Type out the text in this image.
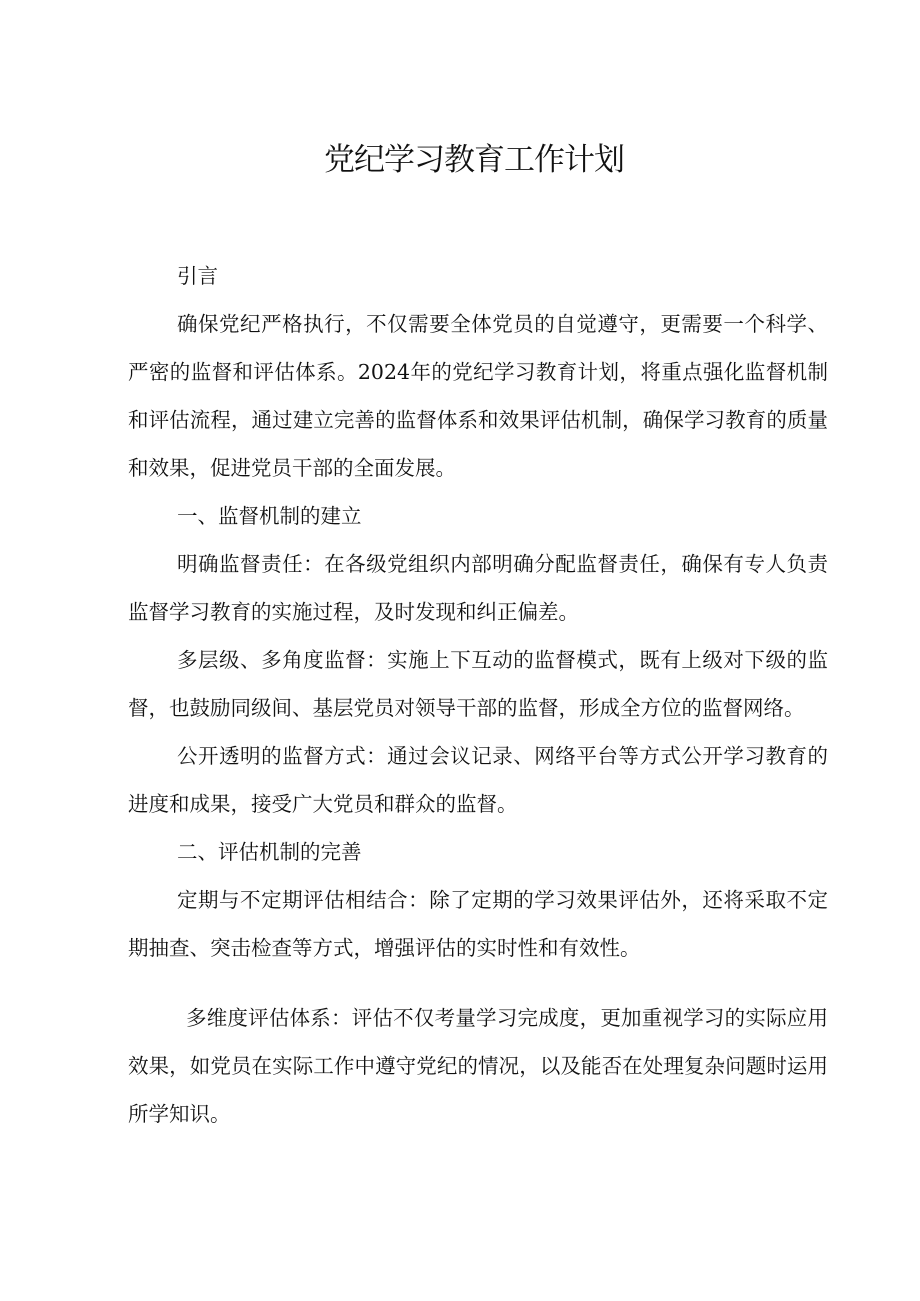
党纪学习教育工作计划

引言

确保党纪严格执行，不仅需要全体党员的自觉遵守，更需要一个科学、严密的监督和评估体系。2024年的党纪学习教育计划，将重点强化监督机制和评估流程，通过建立完善的监督体系和效果评估机制，确保学习教育的质量和效果，促进党员干部的全面发展。

一、监督机制的建立

明确监督责任：在各级党组织内部明确分配监督责任，确保有专人负责监督学习教育的实施过程，及时发现和纠正偏差。

多层级、多角度监督：实施上下互动的监督模式，既有上级对下级的监督，也鼓励同级间、基层党员对领导干部的监督，形成全方位的监督网络。

公开透明的监督方式：通过会议记录、网络平台等方式公开学习教育的进度和成果，接受广大党员和群众的监督。

二、评估机制的完善

定期与不定期评估相结合：除了定期的学习效果评估外，还将采取不定期抽查、突击检查等方式，增强评估的实时性和有效性。

多维度评估体系：评估不仅考量学习完成度，更加重视学习的实际应用效果，如党员在实际工作中遵守党纪的情况，以及能否在处理复杂问题时运用所学知识。
